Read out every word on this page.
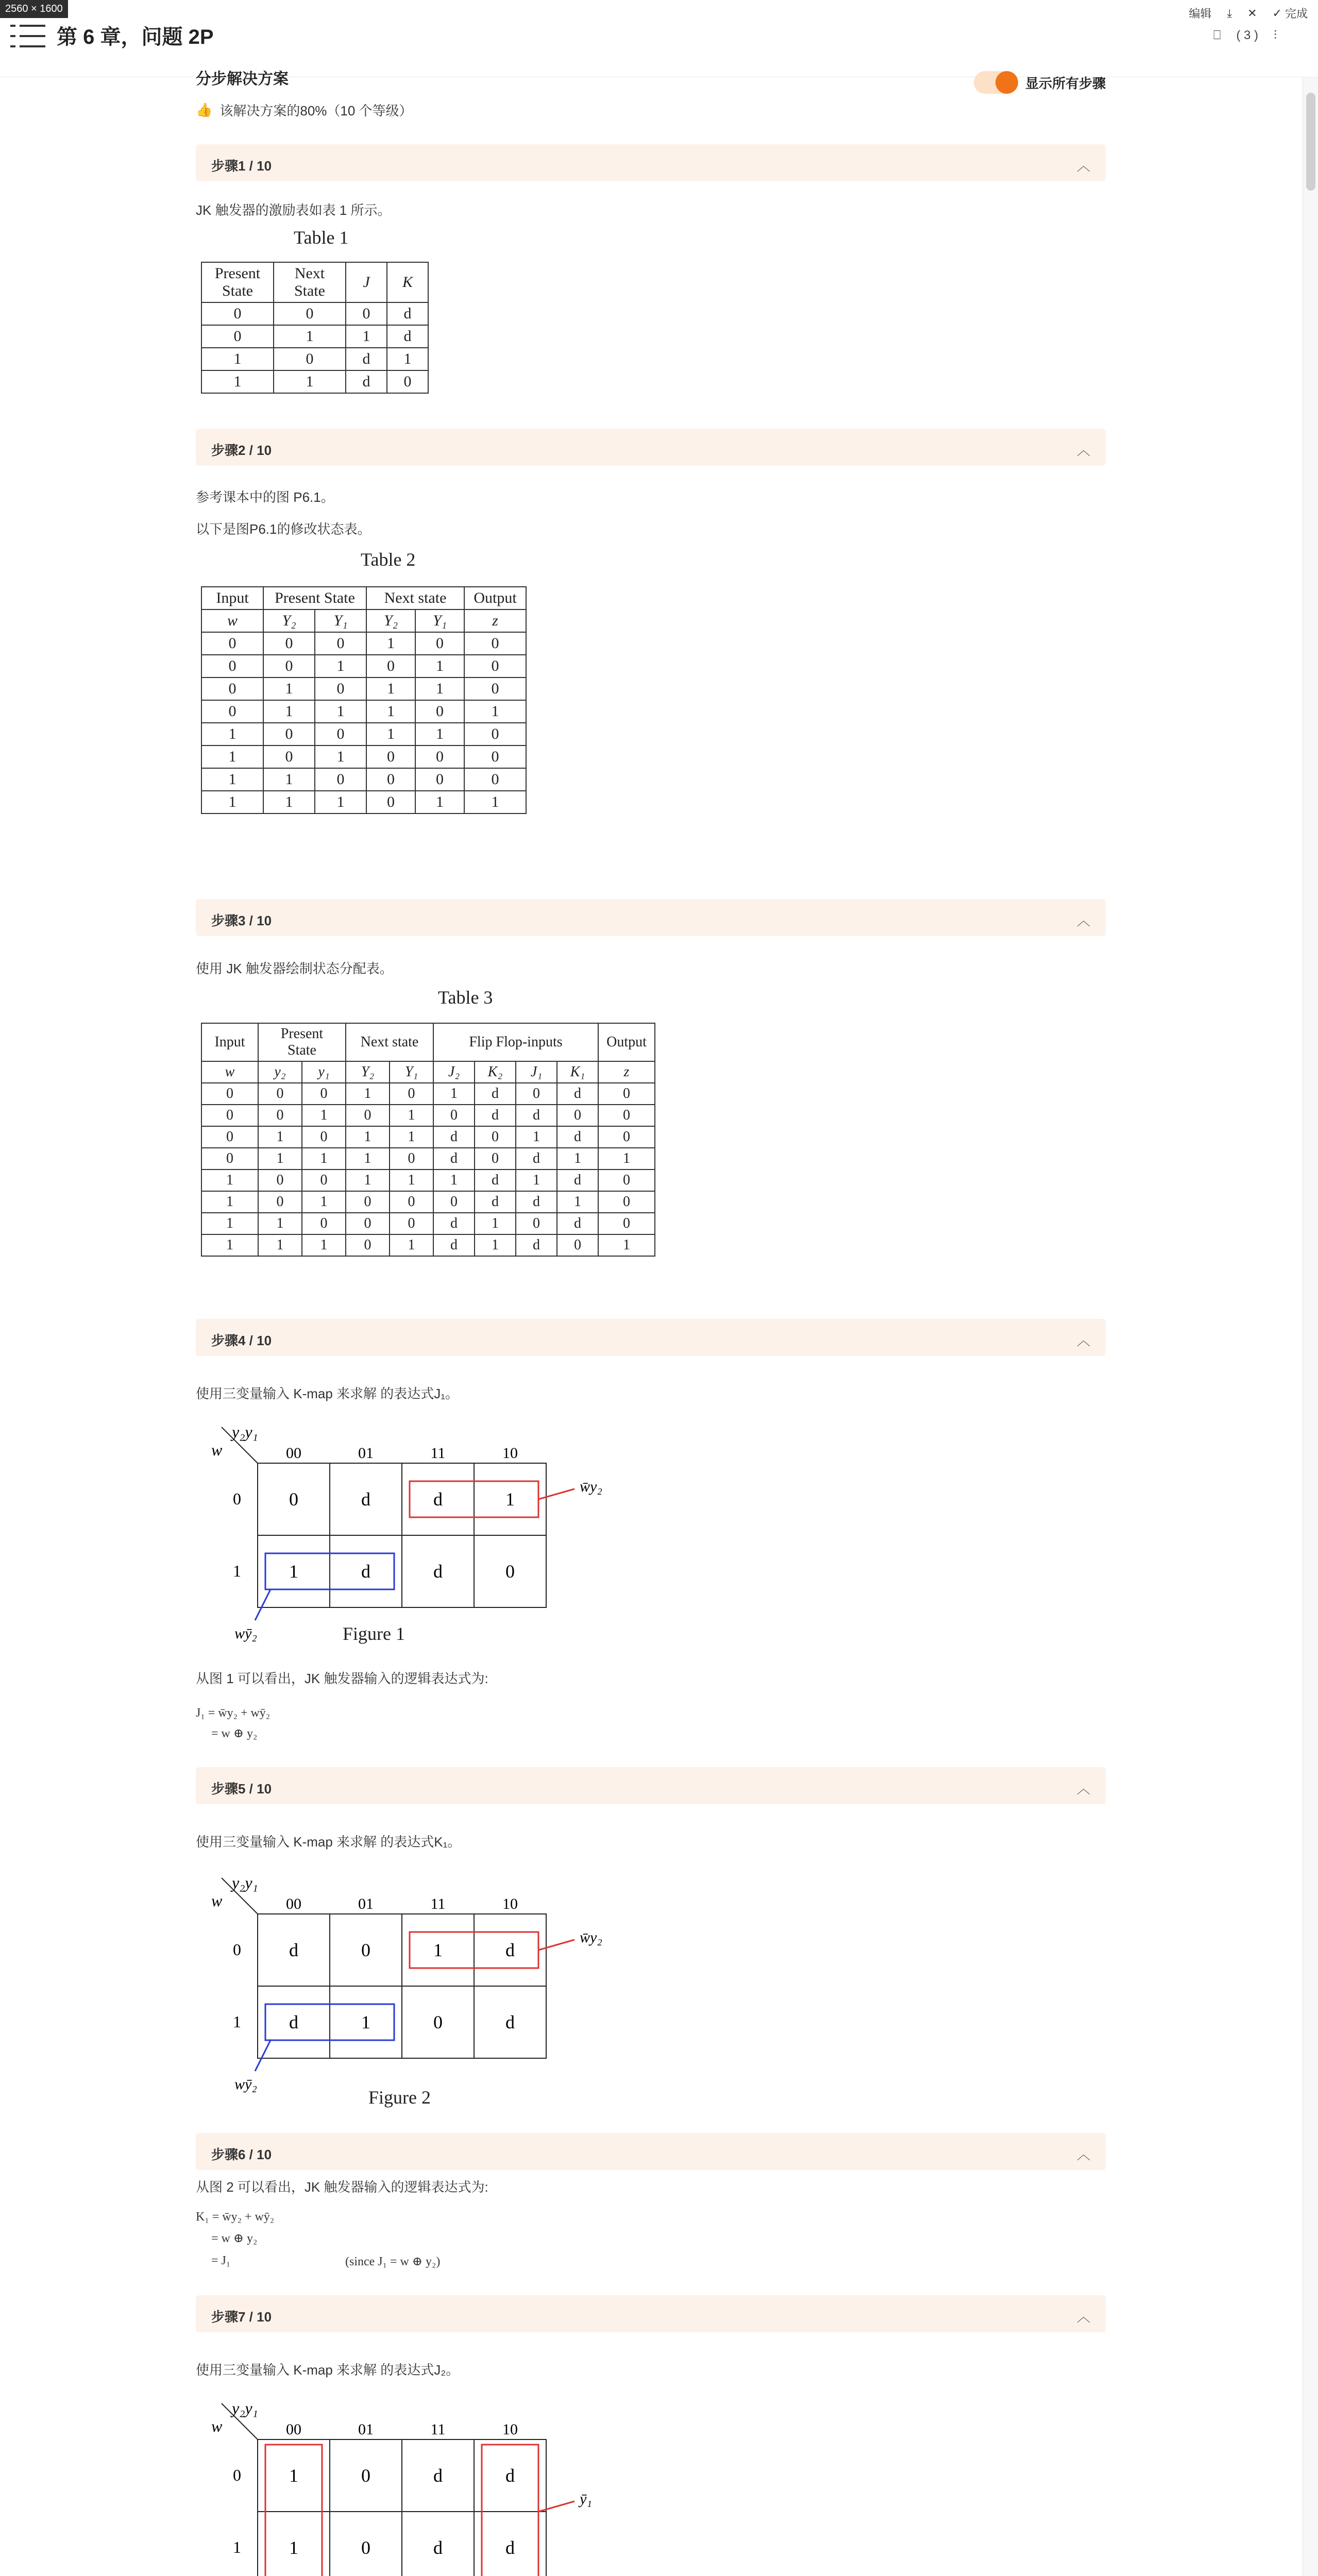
第 6 章，问题 2P
编辑 ⤓ ✕ ✓ 完成
⎕ ( 3 ) ⫶
2560 × 1600
分步解决方案
👍 该解决方案的80%（10 个等级）
显示所有步骤
步骤1 / 10	︿
JK 触发器的激励表如表 1 所示。
Table 1
Present State	Next State	J	K
0	0	0	d
0	1	1	d
1	0	d	1
1	1	d	0
步骤2 / 10	︿
参考课本中的图 P6.1。
以下是图P6.1的修改状态表。
Table 2
Input	Present State		Next state		Output
w	Y₂	Y₁	Y₂	Y₁	z
0	0	0	1	0	0
0	0	1	0	1	0
0	1	0	1	1	0
0	1	1	1	0	1
1	0	0	1	1	0
1	0	1	0	0	0
1	1	0	0	0	0
1	1	1	0	1	1
步骤3 / 10	︿
使用 JK 触发器绘制状态分配表。
Table 3
Input	Present State		Next state		Flip Flop-inputs				Output
w	y₂	y₁	Y₂	Y₁	J₂	K₂	J₁	K₁	z
0	0	0	1	0	1	d	0	d	0
0	0	1	0	1	0	d	d	0	0
0	1	0	1	1	d	0	1	d	0
0	1	1	1	0	d	0	d	1	1
1	0	0	1	1	1	d	1	d	0
1	0	1	0	0	0	d	d	1	0
1	1	0	0	0	d	1	0	d	0
1	1	1	0	1	d	1	d	0	1
步骤4 / 10	︿
使用三变量输入 K-map 来求解 的表达式J₁。
y₂y₁
w	00	01	11	10
0
1
0	d	d	1
1	d	d	0
w̄y₂
wȳ₂	Figure 1
从图 1 可以看出，JK 触发器输入的逻辑表达式为:
J₁ = w̄y₂ + wȳ₂
= w ⊕ y₂
步骤5 / 10	︿
使用三变量输入 K-map 来求解 的表达式K₁。
y₂y₁
w	00	01	11	10
0
1
d	0	1	d
d	1	0	d
w̄y₂
wȳ₂
Figure 2
步骤6 / 10	︿
从图 2 可以看出，JK 触发器输入的逻辑表达式为:
K₁ = w̄y₂ + wȳ₂
= w ⊕ y₂
= J₁	(since J₁ = w ⊕ y₂)
步骤7 / 10	︿
使用三变量输入 K-map 来求解 的表达式J₂。
y₂y₁
w	00	01	11	10
0
1
1	0	d	d
1	0	d	d
ȳ₁
